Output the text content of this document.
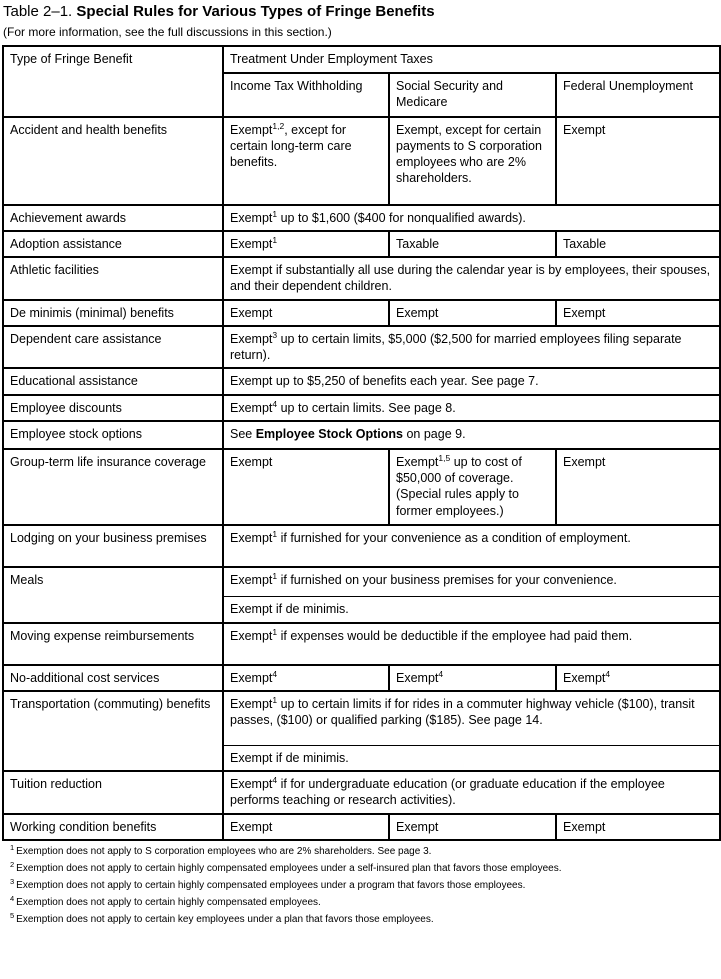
Table 2–1. Special Rules for Various Types of Fringe Benefits
(For more information, see the full discussions in this section.)
Type of Fringe Benefit	Treatment Under Employment Taxes		
	Income Tax Withholding	Social Security and Medicare	Federal Unemployment
Accident and health benefits	Exempt$^{1,2}$, except for certain long-term care benefits.	Exempt, except for certain payments to S corporation employees who are 2% shareholders.	Exempt
Achievement awards	Exempt$^1$ up to $1,600 ($400 for nonqualified awards).		
Adoption assistance	Exempt$^1$	Taxable	Taxable
Athletic facilities	Exempt if substantially all use during the calendar year is by employees, their spouses, and their dependent children.		
De minimis (minimal) benefits	Exempt	Exempt	Exempt
Dependent care assistance	Exempt$^3$ up to certain limits, $5,000 ($2,500 for married employees filing separate return).		
Educational assistance	Exempt up to $5,250 of benefits each year. See page 7.		
Employee discounts	Exempt$^4$ up to certain limits. See page 8.		
Employee stock options	See Employee Stock Options on page 9.		
Group-term life insurance coverage	Exempt	Exempt$^{1,5}$ up to cost of $50,000 of coverage. (Special rules apply to former employees.)	Exempt
Lodging on your business premises	Exempt$^1$ if furnished for your convenience as a condition of employment.		
Meals	Exempt$^1$ if furnished on your business premises for your convenience.		
	Exempt if de minimis.		
Moving expense reimbursements	Exempt$^1$ if expenses would be deductible if the employee had paid them.		
No-additional cost services	Exempt$^4$	Exempt$^4$	Exempt$^4$
Transportation (commuting) benefits	Exempt$^1$ up to certain limits if for rides in a commuter highway vehicle ($100), transit passes, ($100) or qualified parking ($185). See page 14.		
	Exempt if de minimis.		
Tuition reduction	Exempt$^4$ if for undergraduate education (or graduate education if the employee performs teaching or research activities).		
Working condition benefits	Exempt	Exempt	Exempt
$^1$ Exemption does not apply to S corporation employees who are 2% shareholders. See page 3.
$^2$ Exemption does not apply to certain highly compensated employees under a self-insured plan that favors those employees.
$^3$ Exemption does not apply to certain highly compensated employees under a program that favors those employees.
$^4$ Exemption does not apply to certain highly compensated employees.
$^5$ Exemption does not apply to certain key employees under a plan that favors those employees.
